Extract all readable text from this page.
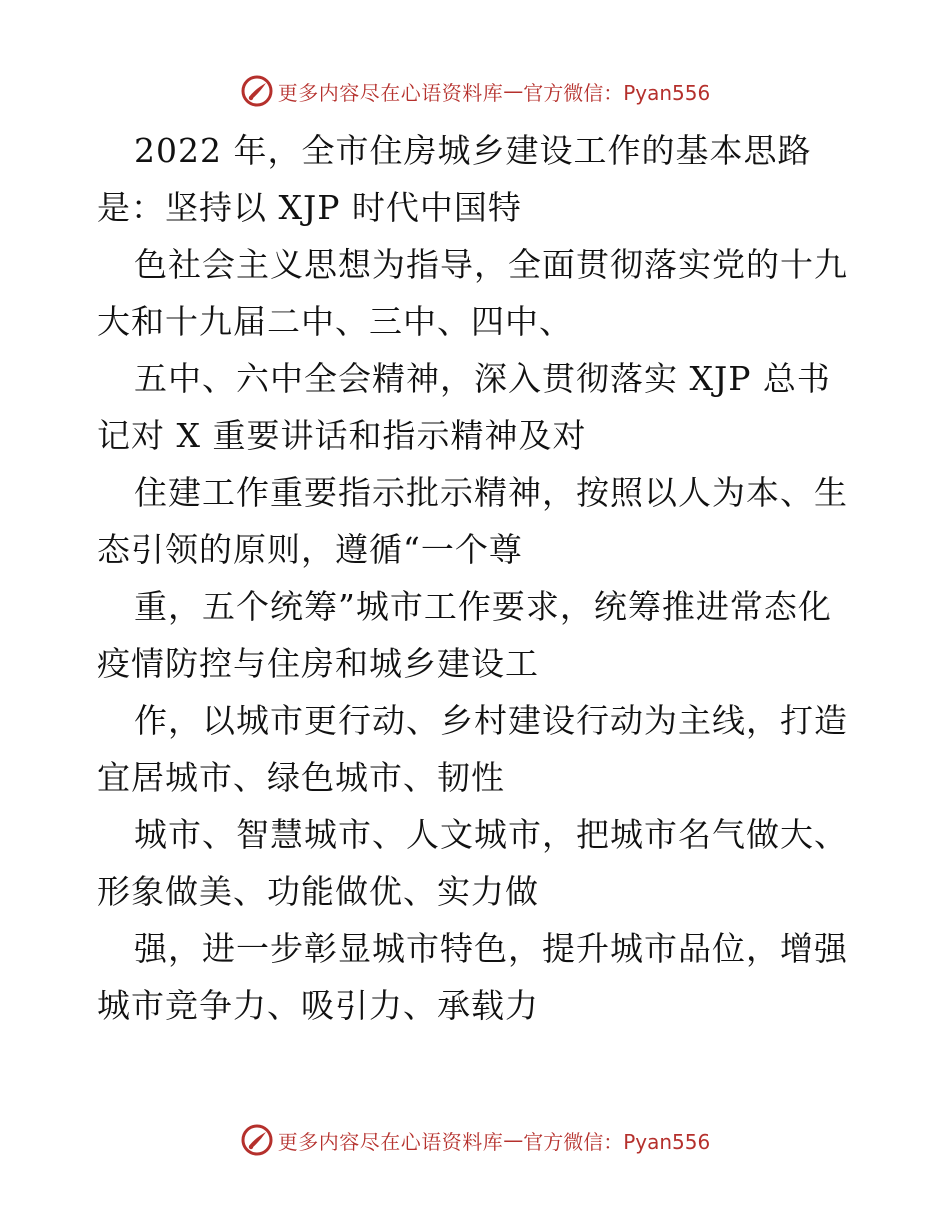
更多内容尽在心语资料库 — 官方微信：Pyan556
2022 年，全市住房城乡建设工作的基本思路
是：坚持以 XJP 时代中国特
色社会主义思想为指导，全面贯彻落实党的十九
大和十九届二中、三中、四中、
五中、六中全会精神，深入贯彻落实 XJP 总书
记对 X 重要讲话和指示精神及对
住建工作重要指示批示精神，按照以人为本、生
态引领的原则，遵循“一个尊
重，五个统筹”城市工作要求，统筹推进常态化
疫情防控与住房和城乡建设工
作，以城市更行动、乡村建设行动为主线，打造
宜居城市、绿色城市、韧性
城市、智慧城市、人文城市，把城市名气做大、
形象做美、功能做优、实力做
强，进一步彰显城市特色，提升城市品位，增强
城市竞争力、吸引力、承载力
更多内容尽在心语资料库 — 官方微信：Pyan556
